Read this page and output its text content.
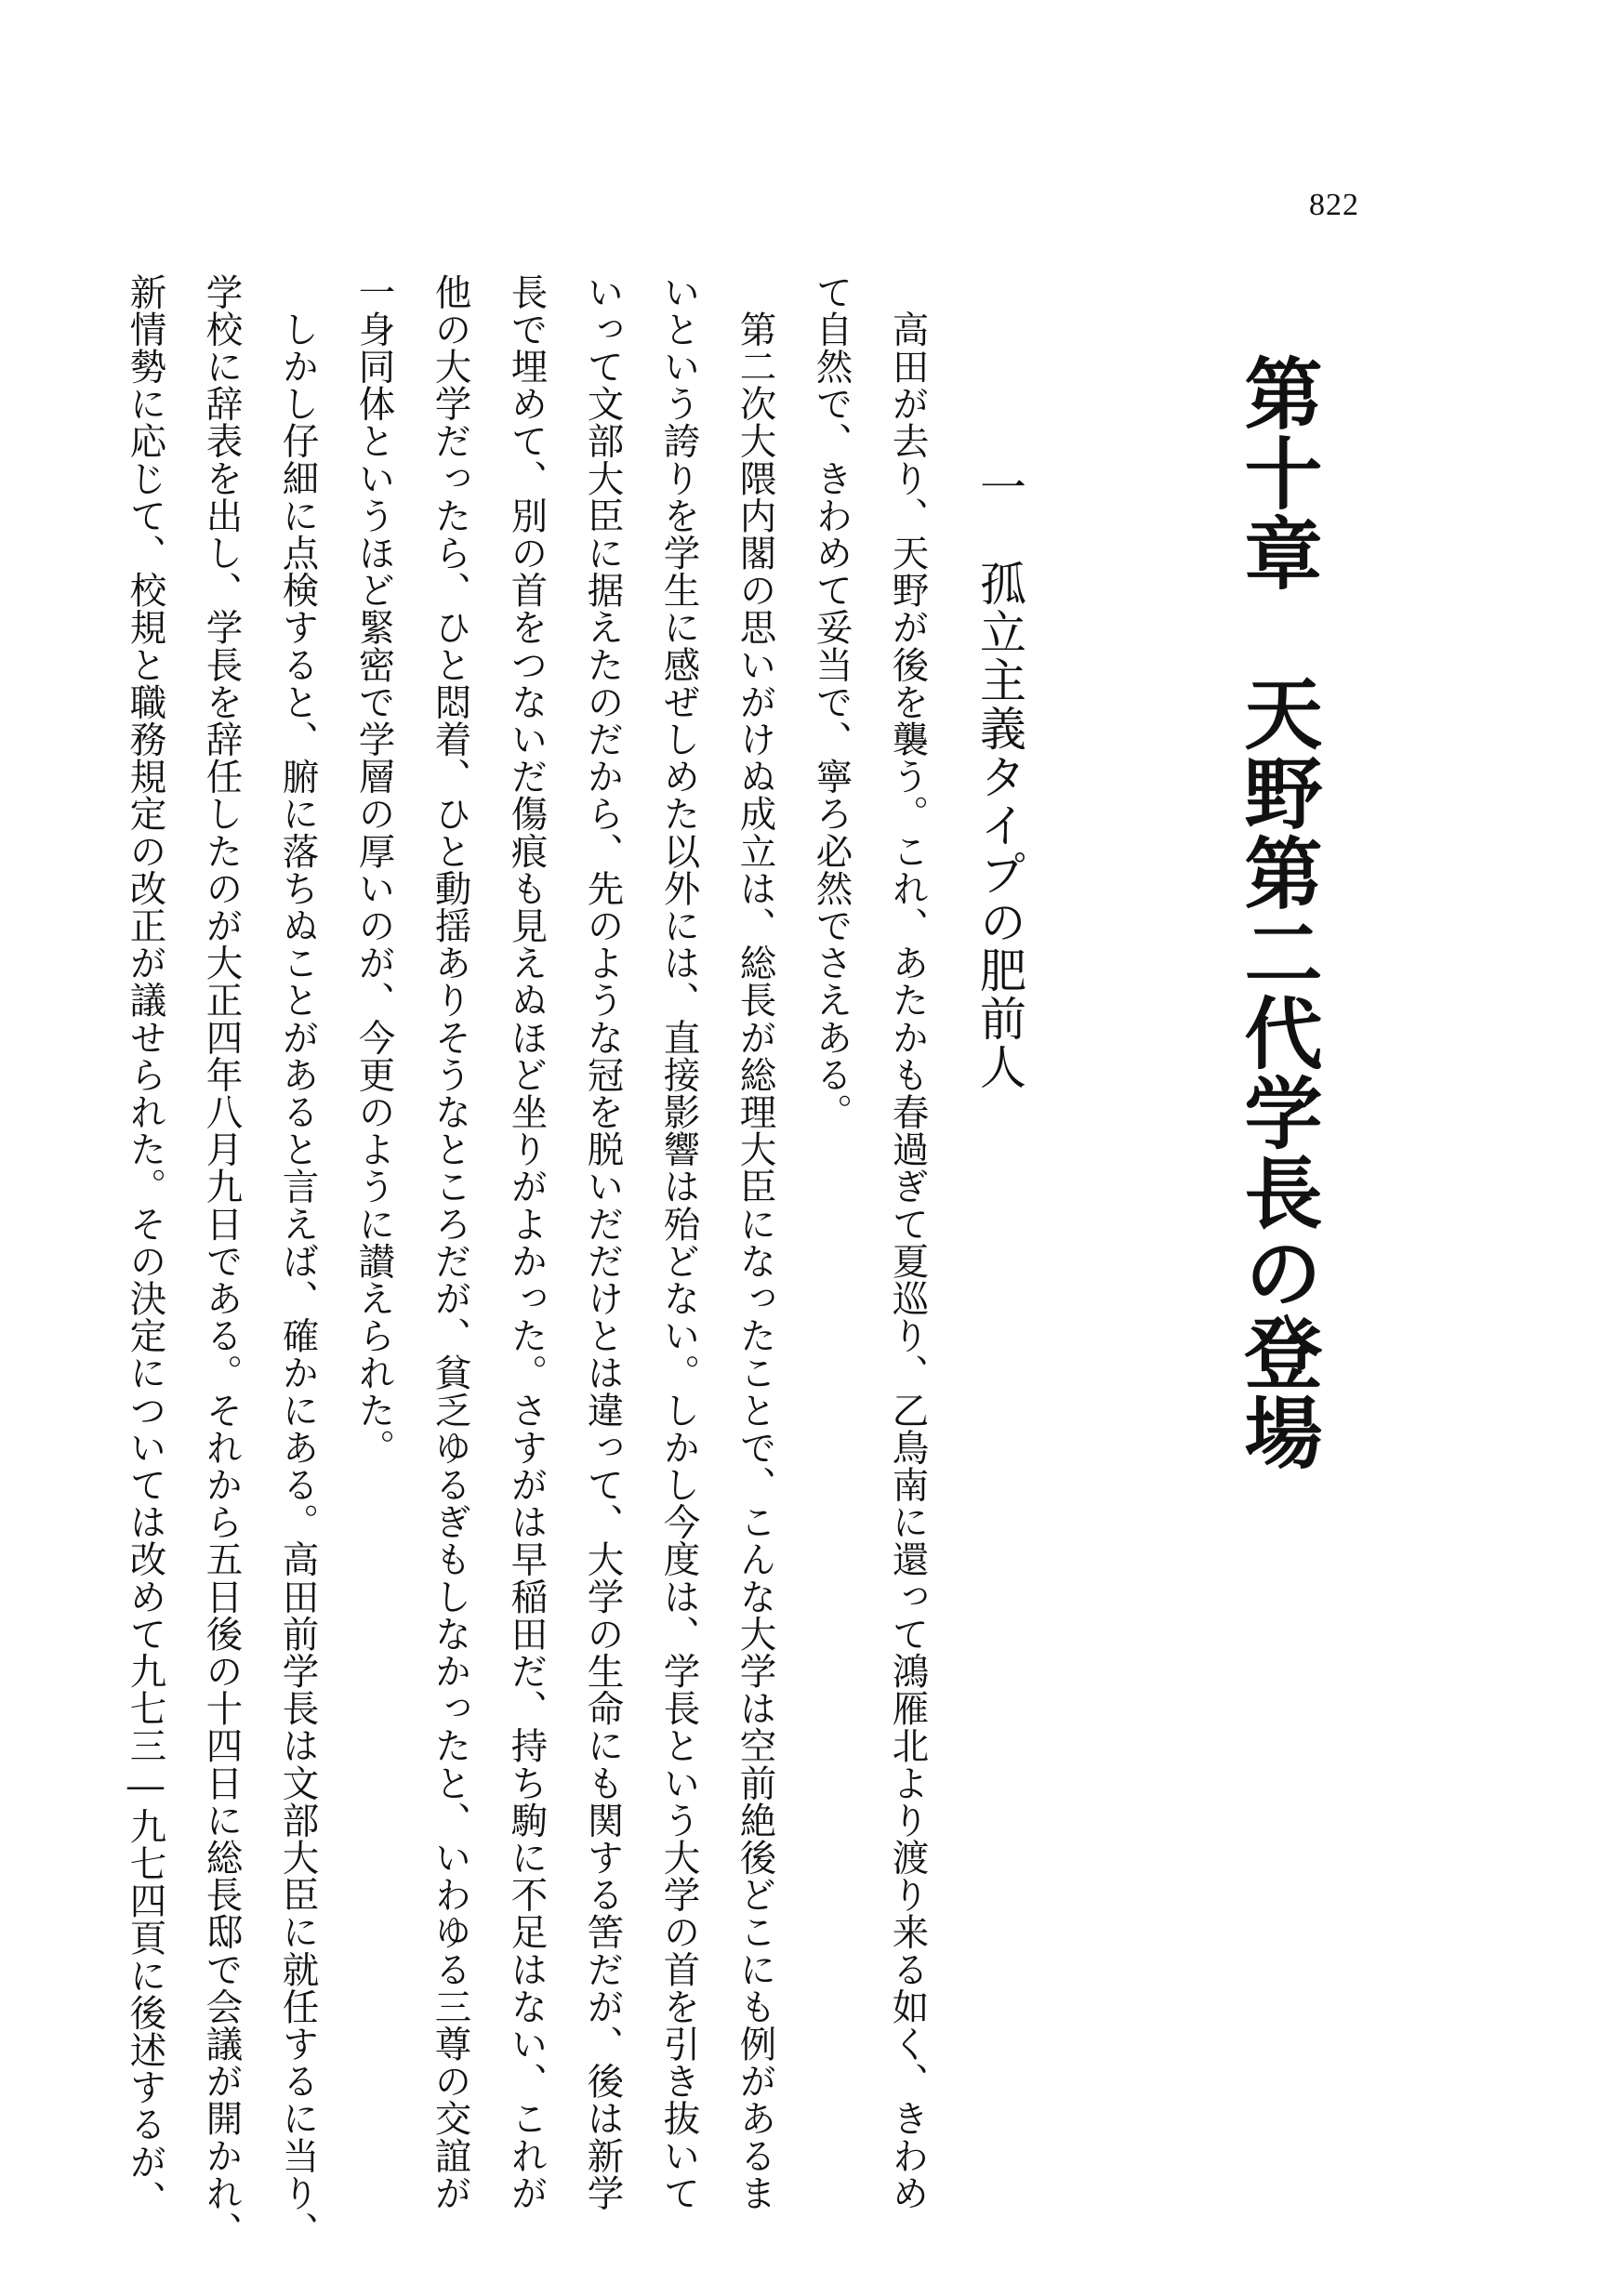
822
第十章　天野第二代学長の登場
一　孤立主義タイプの肥前人
　高田が去り、天野が後を襲う。これ、あたかも春過ぎて夏巡り、乙鳥南に還って鴻雁北より渡り来る如く、きわめ
て自然で、きわめて妥当で、寧ろ必然でさえある。
　第二次大隈内閣の思いがけぬ成立は、総長が総理大臣になったことで、こんな大学は空前絶後どこにも例があるま
いという誇りを学生に感ぜしめた以外には、直接影響は殆どない。しかし今度は、学長という大学の首を引き抜いて
いって文部大臣に据えたのだから、先のような冠を脱いだだけとは違って、大学の生命にも関する筈だが、後は新学
長で埋めて、別の首をつないだ傷痕も見えぬほど坐りがよかった。さすがは早稲田だ、持ち駒に不足はない、これが
他の大学だったら、ひと悶着、ひと動揺ありそうなところだが、貧乏ゆるぎもしなかったと、いわゆる三尊の交誼が
一身同体というほど緊密で学層の厚いのが、今更のように讃えられた。
　しかし仔細に点検すると、腑に落ちぬことがあると言えば、確かにある。高田前学長は文部大臣に就任するに当り、
学校に辞表を出し、学長を辞任したのが大正四年八月九日である。それから五日後の十四日に総長邸で会議が開かれ、
新情勢に応じて、校規と職務規定の改正が議せられた。その決定については改めて九七三―九七四頁に後述するが、
